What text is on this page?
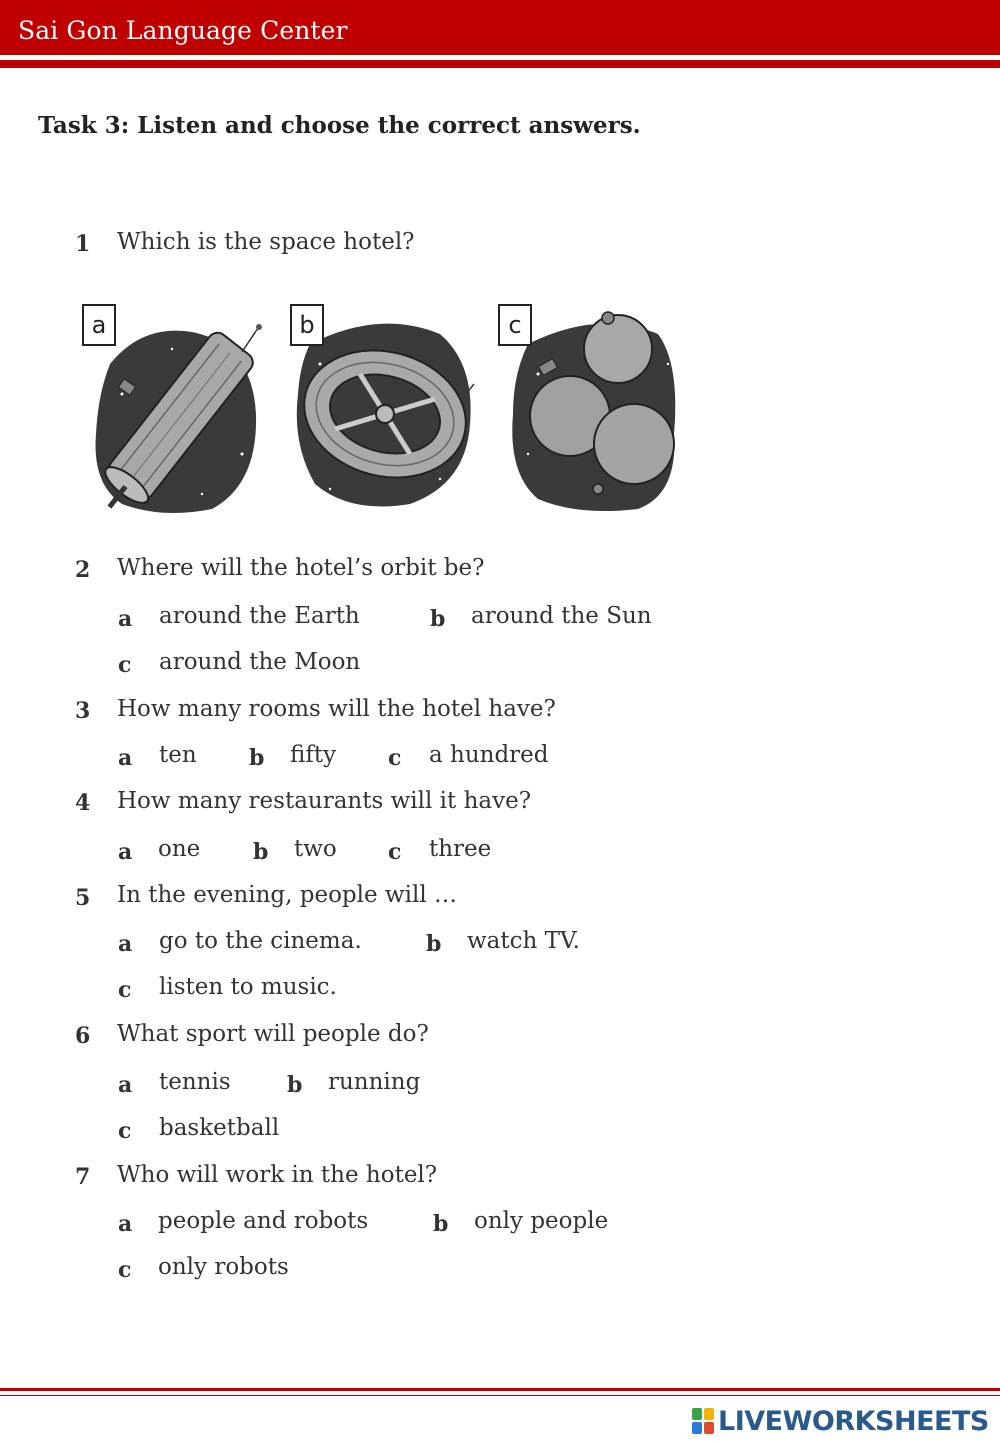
Sai Gon Language Center
Task 3: Listen and choose the correct answers.
1 Which is the space hotel?
a	b	c
2 Where will the hotel’s orbit be?
a around the Earth	b around the Sun
c around the Moon
3 How many rooms will the hotel have?
a ten b fifty c a hundred
4 How many restaurants will it have?
a one b two c three
5 In the evening, people will …
a go to the cinema.	b watch TV.
c listen to music.
6 What sport will people do?
a tennis	b running
c basketball
7 Who will work in the hotel?
a people and robots	b only people
c only robots
LIVEWORKSHEETS
